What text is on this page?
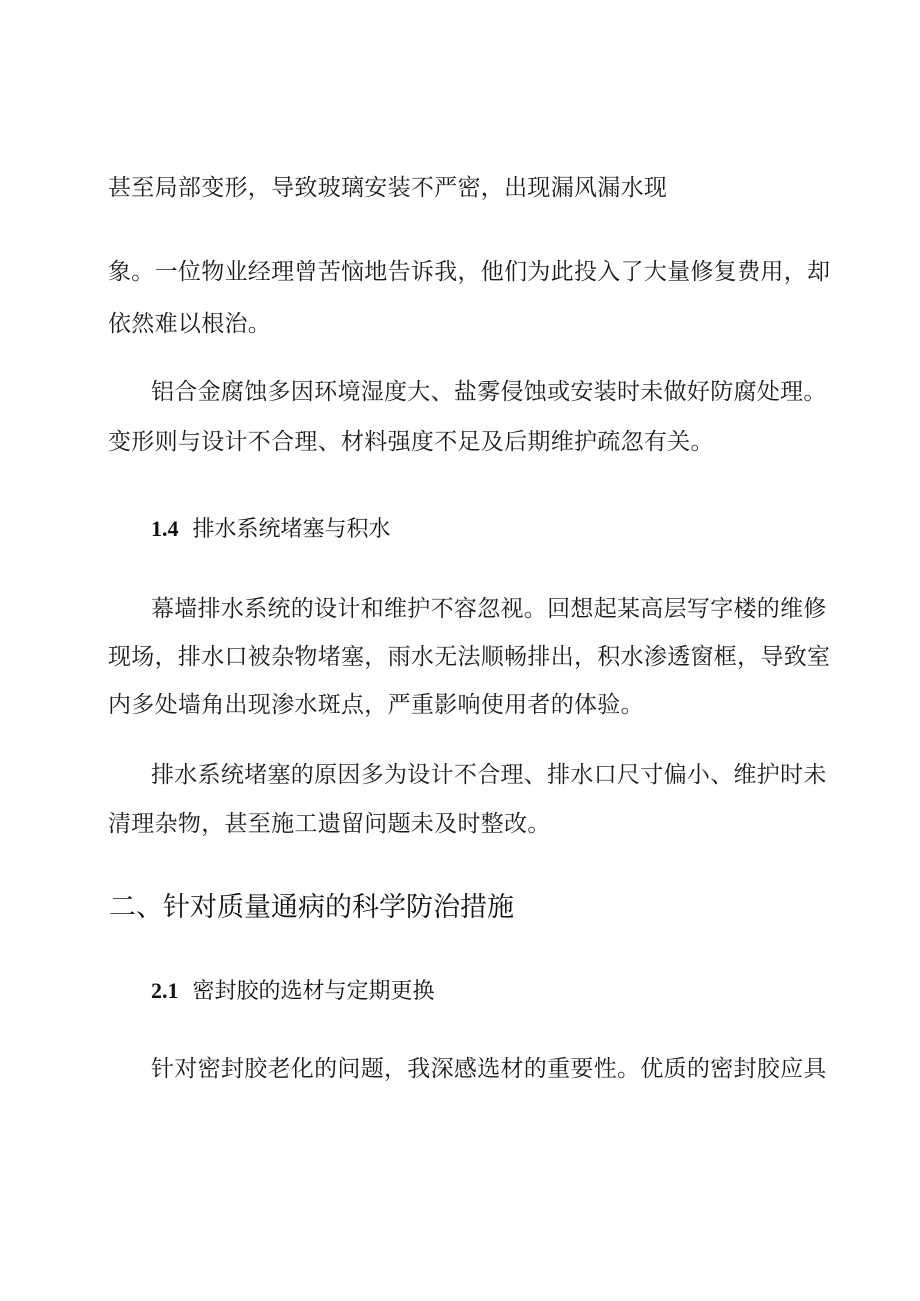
甚至局部变形，导致玻璃安装不严密，出现漏风漏水现
象。一位物业经理曾苦恼地告诉我，他们为此投入了大量修复费用，却
依然难以根治。
铝合金腐蚀多因环境湿度大、盐雾侵蚀或安装时未做好防腐处理。
变形则与设计不合理、材料强度不足及后期维护疏忽有关。
1.4 排水系统堵塞与积水
幕墙排水系统的设计和维护不容忽视。回想起某高层写字楼的维修
现场，排水口被杂物堵塞，雨水无法顺畅排出，积水渗透窗框，导致室
内多处墙角出现渗水斑点，严重影响使用者的体验。
排水系统堵塞的原因多为设计不合理、排水口尺寸偏小、维护时未
清理杂物，甚至施工遗留问题未及时整改。
二、针对质量通病的科学防治措施
2.1 密封胶的选材与定期更换
针对密封胶老化的问题，我深感选材的重要性。优质的密封胶应具
